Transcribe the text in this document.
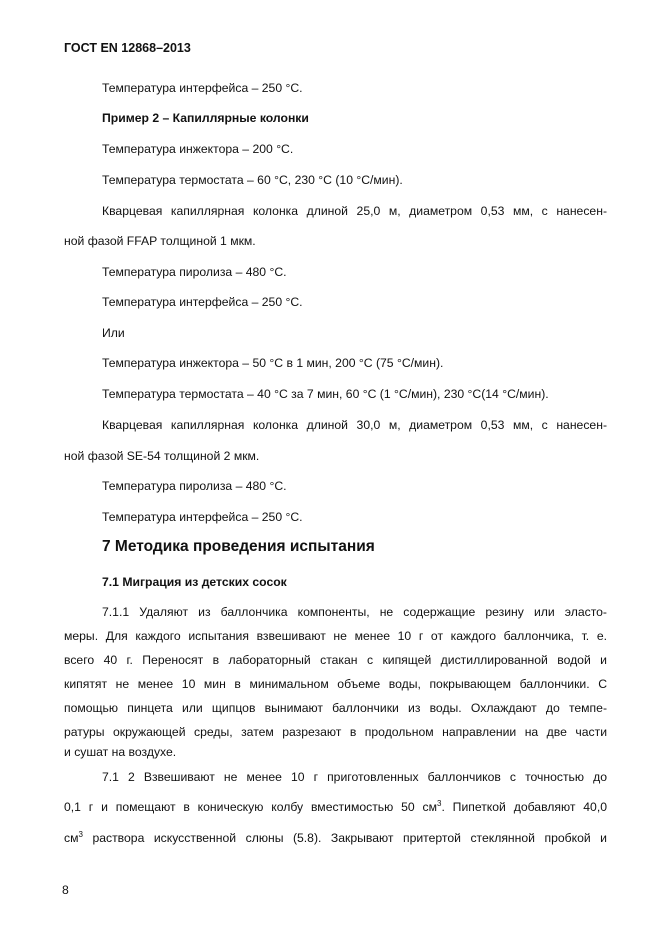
ГОСТ EN 12868–2013
Температура интерфейса – 250 °С.
Пример 2 – Капиллярные колонки
Температура инжектора – 200 °С.
Температура термостата – 60 °С, 230 °С (10 °С/мин).
Кварцевая капиллярная колонка длиной 25,0 м, диаметром 0,53 мм, с нанесен-
ной фазой FFAP толщиной 1 мкм.
Температура пиролиза – 480 °С.
Температура интерфейса – 250 °С.
Или
Температура инжектора – 50 °С в 1 мин, 200 °С (75 °С/мин).
Температура термостата – 40 °С за 7 мин, 60 °С (1 °С/мин), 230 °С(14 °С/мин).
Кварцевая капиллярная колонка длиной 30,0 м, диаметром 0,53 мм, с нанесен-
ной фазой SE-54 толщиной 2 мкм.
Температура пиролиза – 480 °С.
Температура интерфейса – 250 °С.
7 Методика проведения испытания
7.1 Миграция из детских сосок
7.1.1 Удаляют из баллончика компоненты, не содержащие резину или эласто-
меры. Для каждого испытания взвешивают не менее 10 г от каждого баллончика, т. е.
всего 40 г. Переносят в лабораторный стакан с кипящей дистиллированной водой и
кипятят не менее 10 мин в минимальном объеме воды, покрывающем баллончики. С
помощью пинцета или щипцов вынимают баллончики из воды. Охлаждают до темпе-
ратуры окружающей среды, затем разрезают в продольном направлении на две части
и сушат на воздухе.
7.1 2 Взвешивают не менее 10 г приготовленных баллончиков с точностью до
0,1 г и помещают в коническую колбу вместимостью 50 $см^3$. Пипеткой добавляют 40,0
$см^3$ раствора искусственной слюны (5.8). Закрывают притертой стеклянной пробкой и
8
